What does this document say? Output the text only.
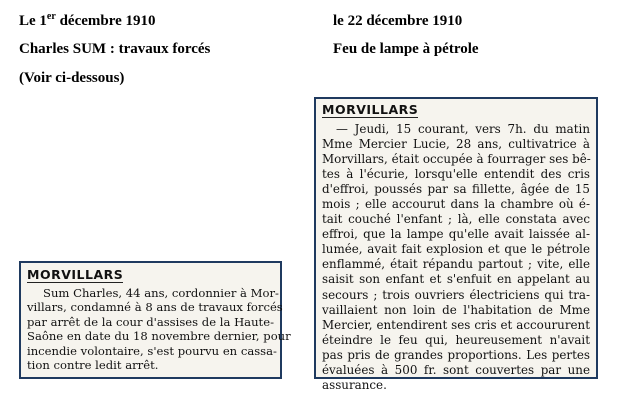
Le 1er décembre 1910
Charles SUM : travaux forcés
(Voir ci-dessous)
le 22 décembre 1910
Feu de lampe à pétrole
MORVILLARS
Sum Charles, 44 ans, cordonnier à Mor-
villars, condamné à 8 ans de travaux forcés
par arrêt de la cour d'assises de la Haute-
Saône en date du 18 novembre dernier, pour
incendie volontaire, s'est pourvu en cassa-
tion contre ledit arrêt.
MORVILLARS
— Jeudi, 15 courant, vers 7h. du matin
Mme Mercier Lucie, 28 ans, cultivatrice à
Morvillars, était occupée à fourrager ses bê-
tes à l'écurie, lorsqu'elle entendit des cris
d'effroi, poussés par sa fillette, âgée de 15
mois ; elle accourut dans la chambre où é-
tait couché l'enfant ; là, elle constata avec
effroi, que la lampe qu'elle avait laissée al-
lumée, avait fait explosion et que le pétrole
enflammé, était répandu partout ; vite, elle
saisit son enfant et s'enfuit en appelant au
secours ; trois ouvriers électriciens qui tra-
vaillaient non loin de l'habitation de Mme
Mercier, entendirent ses cris et accoururent
éteindre le feu qui, heureusement n'avait
pas pris de grandes proportions. Les pertes
évaluées à 500 fr. sont couvertes par une
assurance.
